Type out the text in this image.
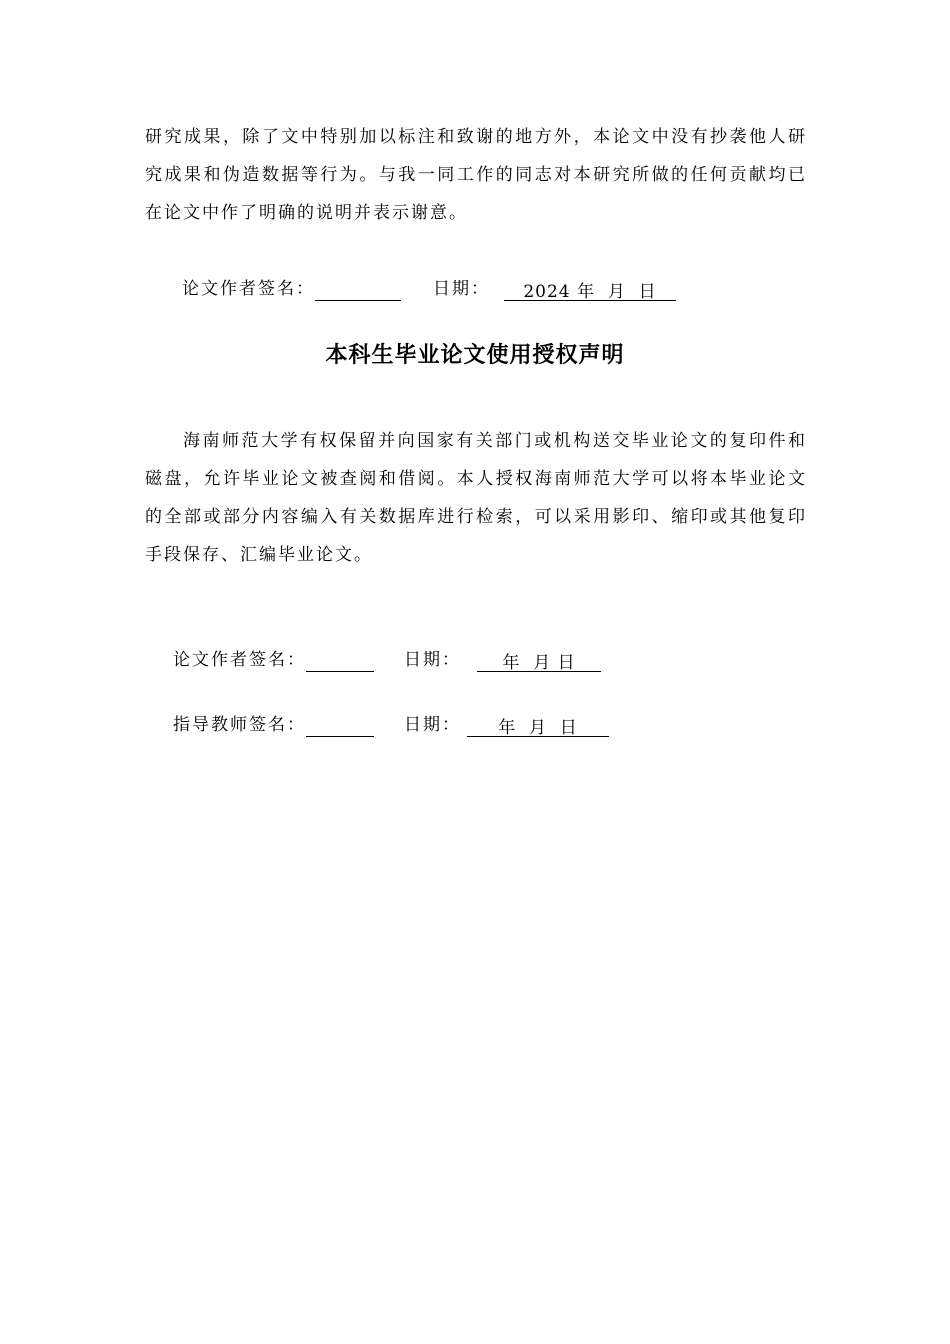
研究成果，除了文中特别加以标注和致谢的地方外，本论文中没有抄袭他人研究成果和伪造数据等行为。与我一同工作的同志对本研究所做的任何贡献均已在论文中作了明确的说明并表示谢意。

论文作者签名：	日期： 2024 年  月  日
本科生毕业论文使用授权声明

海南师范大学有权保留并向国家有关部门或机构送交毕业论文的复印件和磁盘，允许毕业论文被查阅和借阅。本人授权海南师范大学可以将本毕业论文的全部或部分内容编入有关数据库进行检索，可以采用影印、缩印或其他复印手段保存、汇编毕业论文。

论文作者签名：	日期： 年  月 日
指导教师签名：	日期： 年  月  日
